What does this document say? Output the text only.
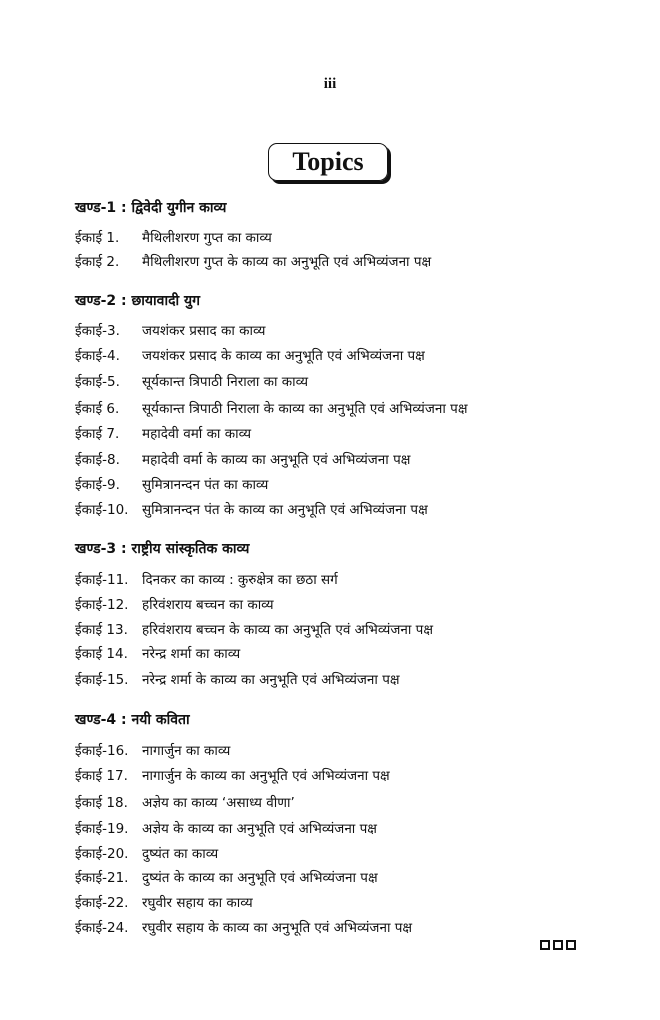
iii
Topics
खण्ड-1 : द्विवेदी युगीन काव्य
ईकाई 1. मैथिलीशरण गुप्त का काव्य
ईकाई 2. मैथिलीशरण गुप्त के काव्य का अनुभूति एवं अभिव्यंजना पक्ष
खण्ड-2 : छायावादी युग
ईकाई-3. जयशंकर प्रसाद का काव्य
ईकाई-4. जयशंकर प्रसाद के काव्य का अनुभूति एवं अभिव्यंजना पक्ष
ईकाई-5. सूर्यकान्त त्रिपाठी निराला का काव्य
ईकाई 6. सूर्यकान्त त्रिपाठी निराला के काव्य का अनुभूति एवं अभिव्यंजना पक्ष
ईकाई 7. महादेवी वर्मा का काव्य
ईकाई-8. महादेवी वर्मा के काव्य का अनुभूति एवं अभिव्यंजना पक्ष
ईकाई-9. सुमित्रानन्दन पंत का काव्य
ईकाई-10. सुमित्रानन्दन पंत के काव्य का अनुभूति एवं अभिव्यंजना पक्ष
खण्ड-3 : राष्ट्रीय सांस्कृतिक काव्य
ईकाई-11. दिनकर का काव्य : कुरुक्षेत्र का छठा सर्ग
ईकाई-12. हरिवंशराय बच्चन का काव्य
ईकाई 13. हरिवंशराय बच्चन के काव्य का अनुभूति एवं अभिव्यंजना पक्ष
ईकाई 14. नरेन्द्र शर्मा का काव्य
ईकाई-15. नरेन्द्र शर्मा के काव्य का अनुभूति एवं अभिव्यंजना पक्ष
खण्ड-4 : नयी कविता
ईकाई-16. नागार्जुन का काव्य
ईकाई 17. नागार्जुन के काव्य का अनुभूति एवं अभिव्यंजना पक्ष
ईकाई 18. अज्ञेय का काव्य ‘असाध्य वीणा’
ईकाई-19. अज्ञेय के काव्य का अनुभूति एवं अभिव्यंजना पक्ष
ईकाई-20. दुष्यंत का काव्य
ईकाई-21. दुष्यंत के काव्य का अनुभूति एवं अभिव्यंजना पक्ष
ईकाई-22. रघुवीर सहाय का काव्य
ईकाई-24. रघुवीर सहाय के काव्य का अनुभूति एवं अभिव्यंजना पक्ष
